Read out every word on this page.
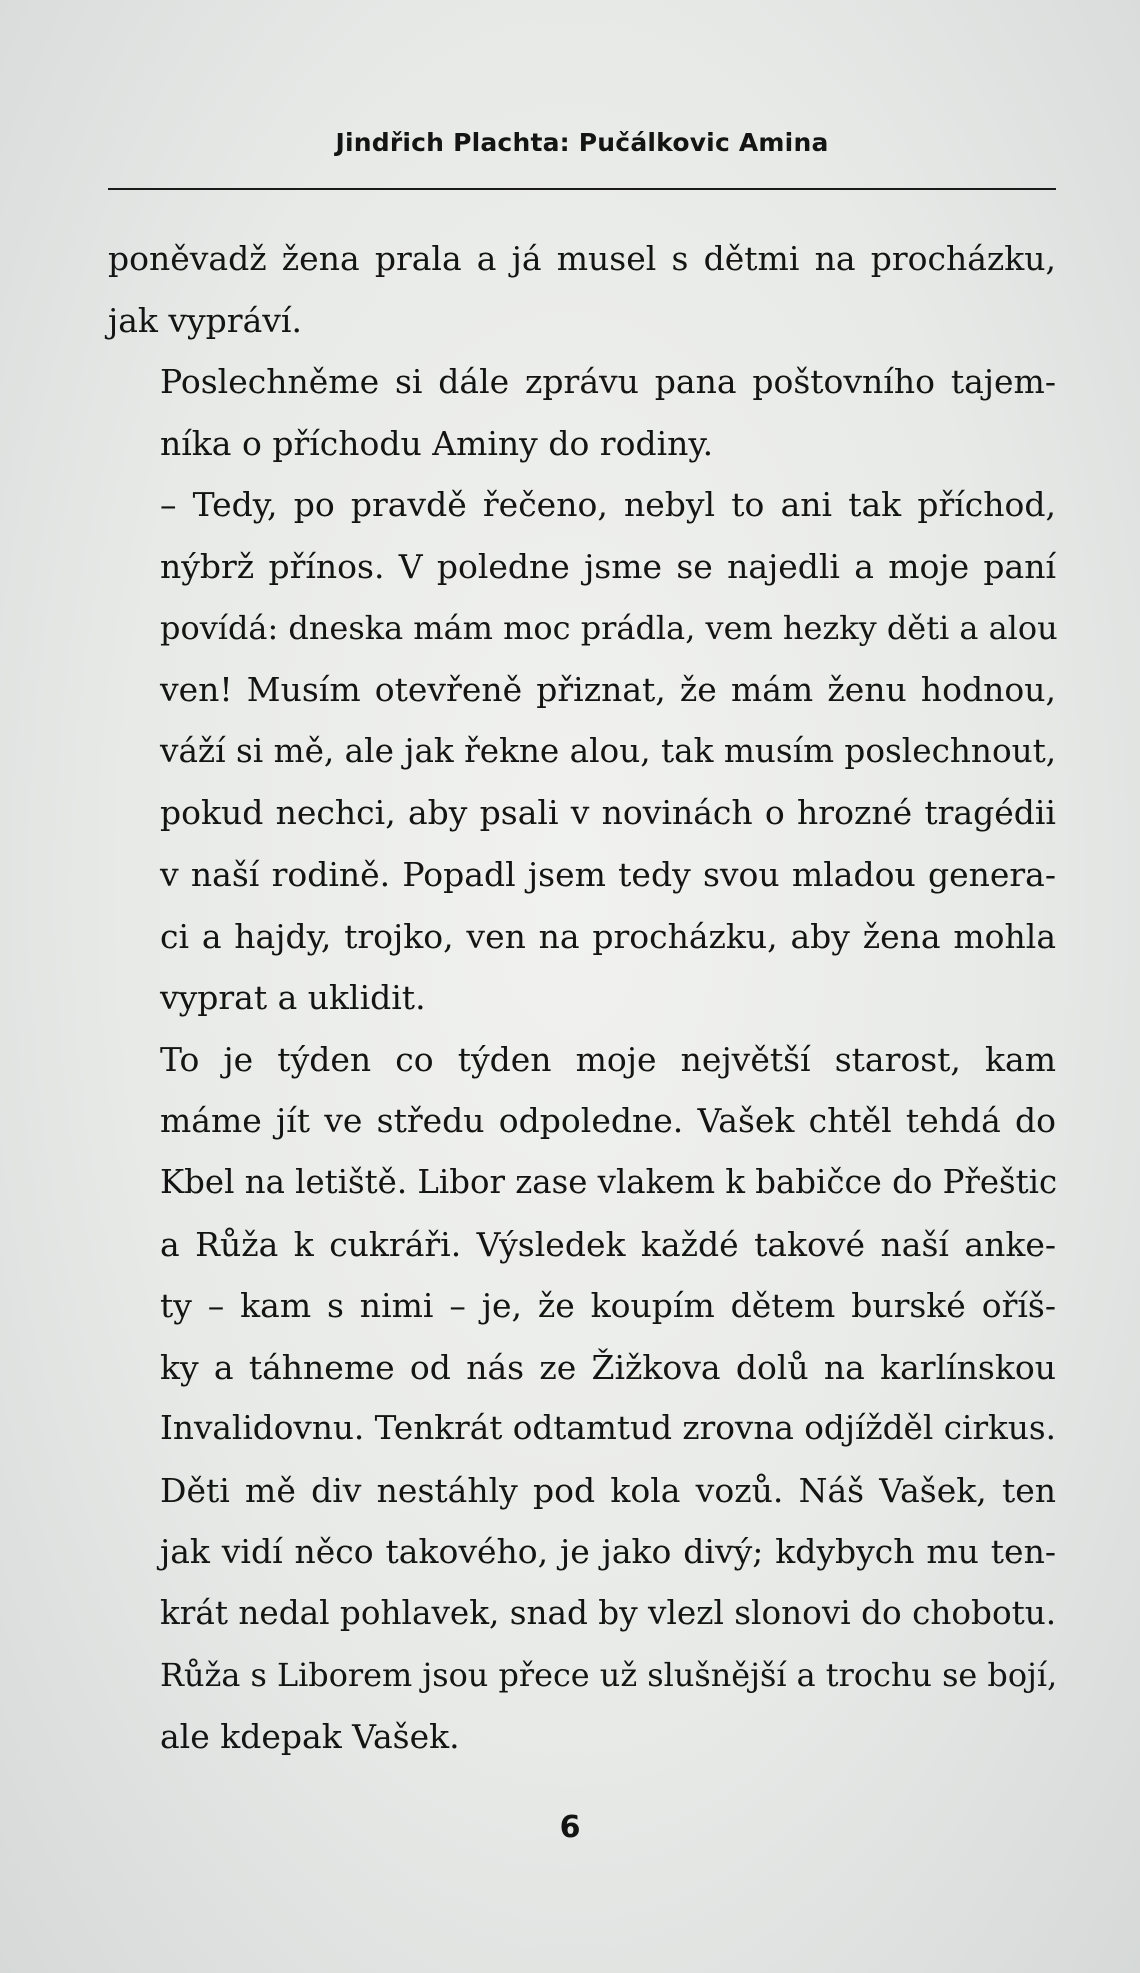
Jindřich Plachta: Pučálkovic Amina

poněvadž žena prala a já musel s dětmi na procházku,
jak vypráví.

Poslechněme si dále zprávu pana poštovního tajem-
níka o příchodu Aminy do rodiny.

– Tedy, po pravdě řečeno, nebyl to ani tak příchod,
nýbrž přínos. V poledne jsme se najedli a moje paní
povídá: dneska mám moc prádla, vem hezky děti a alou
ven! Musím otevřeně přiznat, že mám ženu hodnou,
váží si mě, ale jak řekne alou, tak musím poslechnout,
pokud nechci, aby psali v novinách o hrozné tragédii
v naší rodině. Popadl jsem tedy svou mladou genera-
ci a hajdy, trojko, ven na procházku, aby žena mohla
vyprat a uklidit.

To je týden co týden moje největší starost, kam
máme jít ve středu odpoledne. Vašek chtěl tehdá do
Kbel na letiště. Libor zase vlakem k babičce do Přeštic
a Růža k cukráři. Výsledek každé takové naší anke-
ty – kam s nimi – je, že koupím dětem burské oříš-
ky a táhneme od nás ze Žižkova dolů na karlínskou
Invalidovnu. Tenkrát odtamtud zrovna odjížděl cirkus.
Děti mě div nestáhly pod kola vozů. Náš Vašek, ten
jak vidí něco takového, je jako divý; kdybych mu ten-
krát nedal pohlavek, snad by vlezl slonovi do chobotu.
Růža s Liborem jsou přece už slušnější a trochu se bojí,
ale kdepak Vašek.

6
